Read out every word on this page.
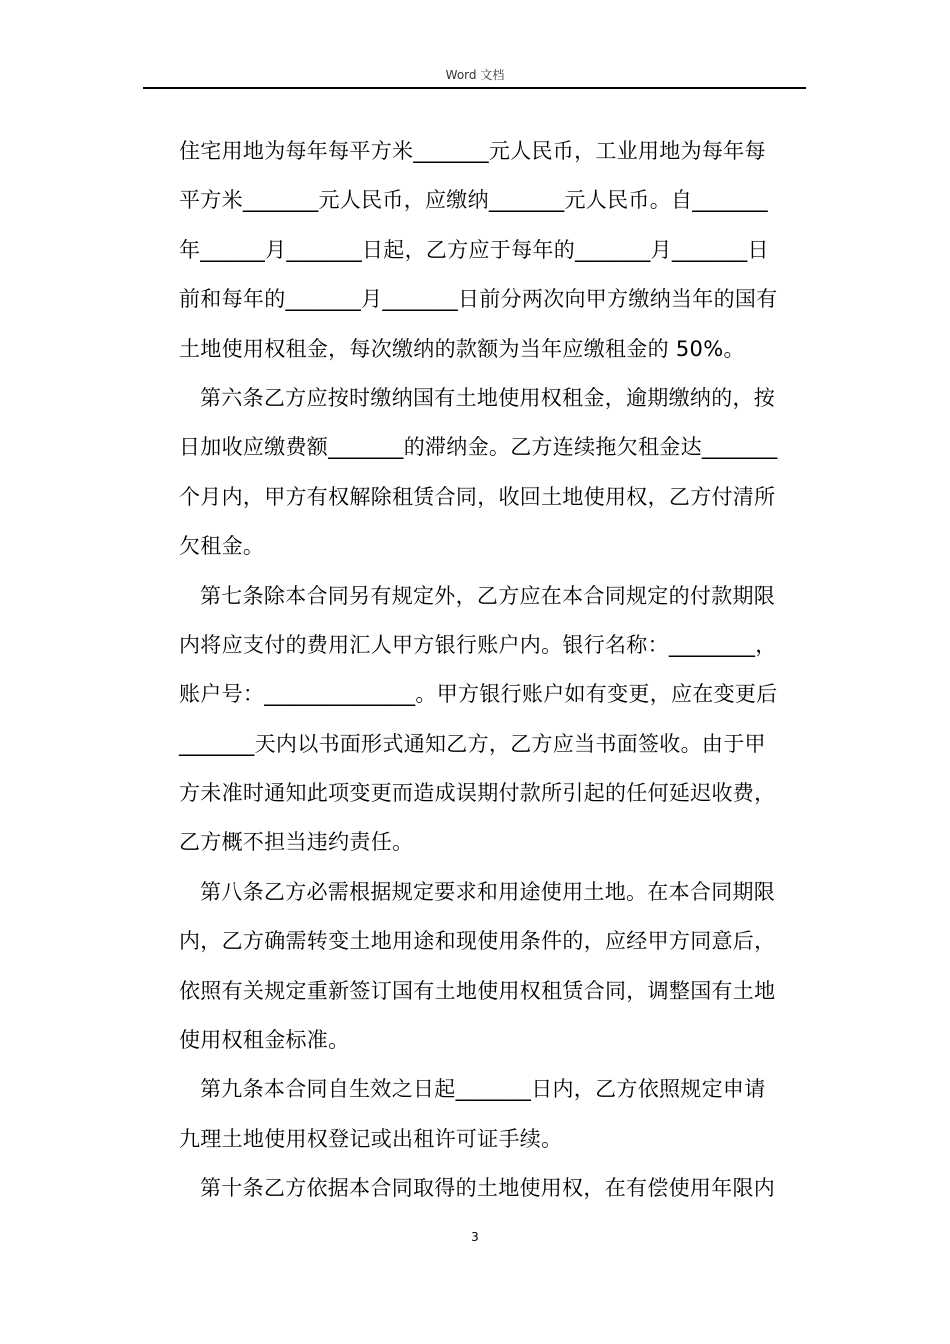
Word 文档
住宅用地为每年每平方米_______元人民币，工业用地为每年每
平方米_______元人民币，应缴纳_______元人民币。自_______
年______月_______日起，乙方应于每年的_______月_______日
前和每年的_______月_______日前分两次向甲方缴纳当年的国有
土地使用权租金，每次缴纳的款额为当年应缴租金的 50%。
第六条乙方应按时缴纳国有土地使用权租金，逾期缴纳的，按
日加收应缴费额_______的滞纳金。乙方连续拖欠租金达_______
个月内，甲方有权解除租赁合同，收回土地使用权，乙方付清所
欠租金。
第七条除本合同另有规定外，乙方应在本合同规定的付款期限
内将应支付的费用汇人甲方银行账户内。银行名称：________，
账户号：______________。甲方银行账户如有变更，应在变更后
_______天内以书面形式通知乙方，乙方应当书面签收。由于甲
方未准时通知此项变更而造成误期付款所引起的任何延迟收费，
乙方概不担当违约责任。
第八条乙方必需根据规定要求和用途使用土地。在本合同期限
内，乙方确需转变土地用途和现使用条件的，应经甲方同意后，
依照有关规定重新签订国有土地使用权租赁合同，调整国有土地
使用权租金标准。
第九条本合同自生效之日起_______日内，乙方依照规定申请
九理土地使用权登记或出租许可证手续。
第十条乙方依据本合同取得的土地使用权，在有偿使用年限内
3
